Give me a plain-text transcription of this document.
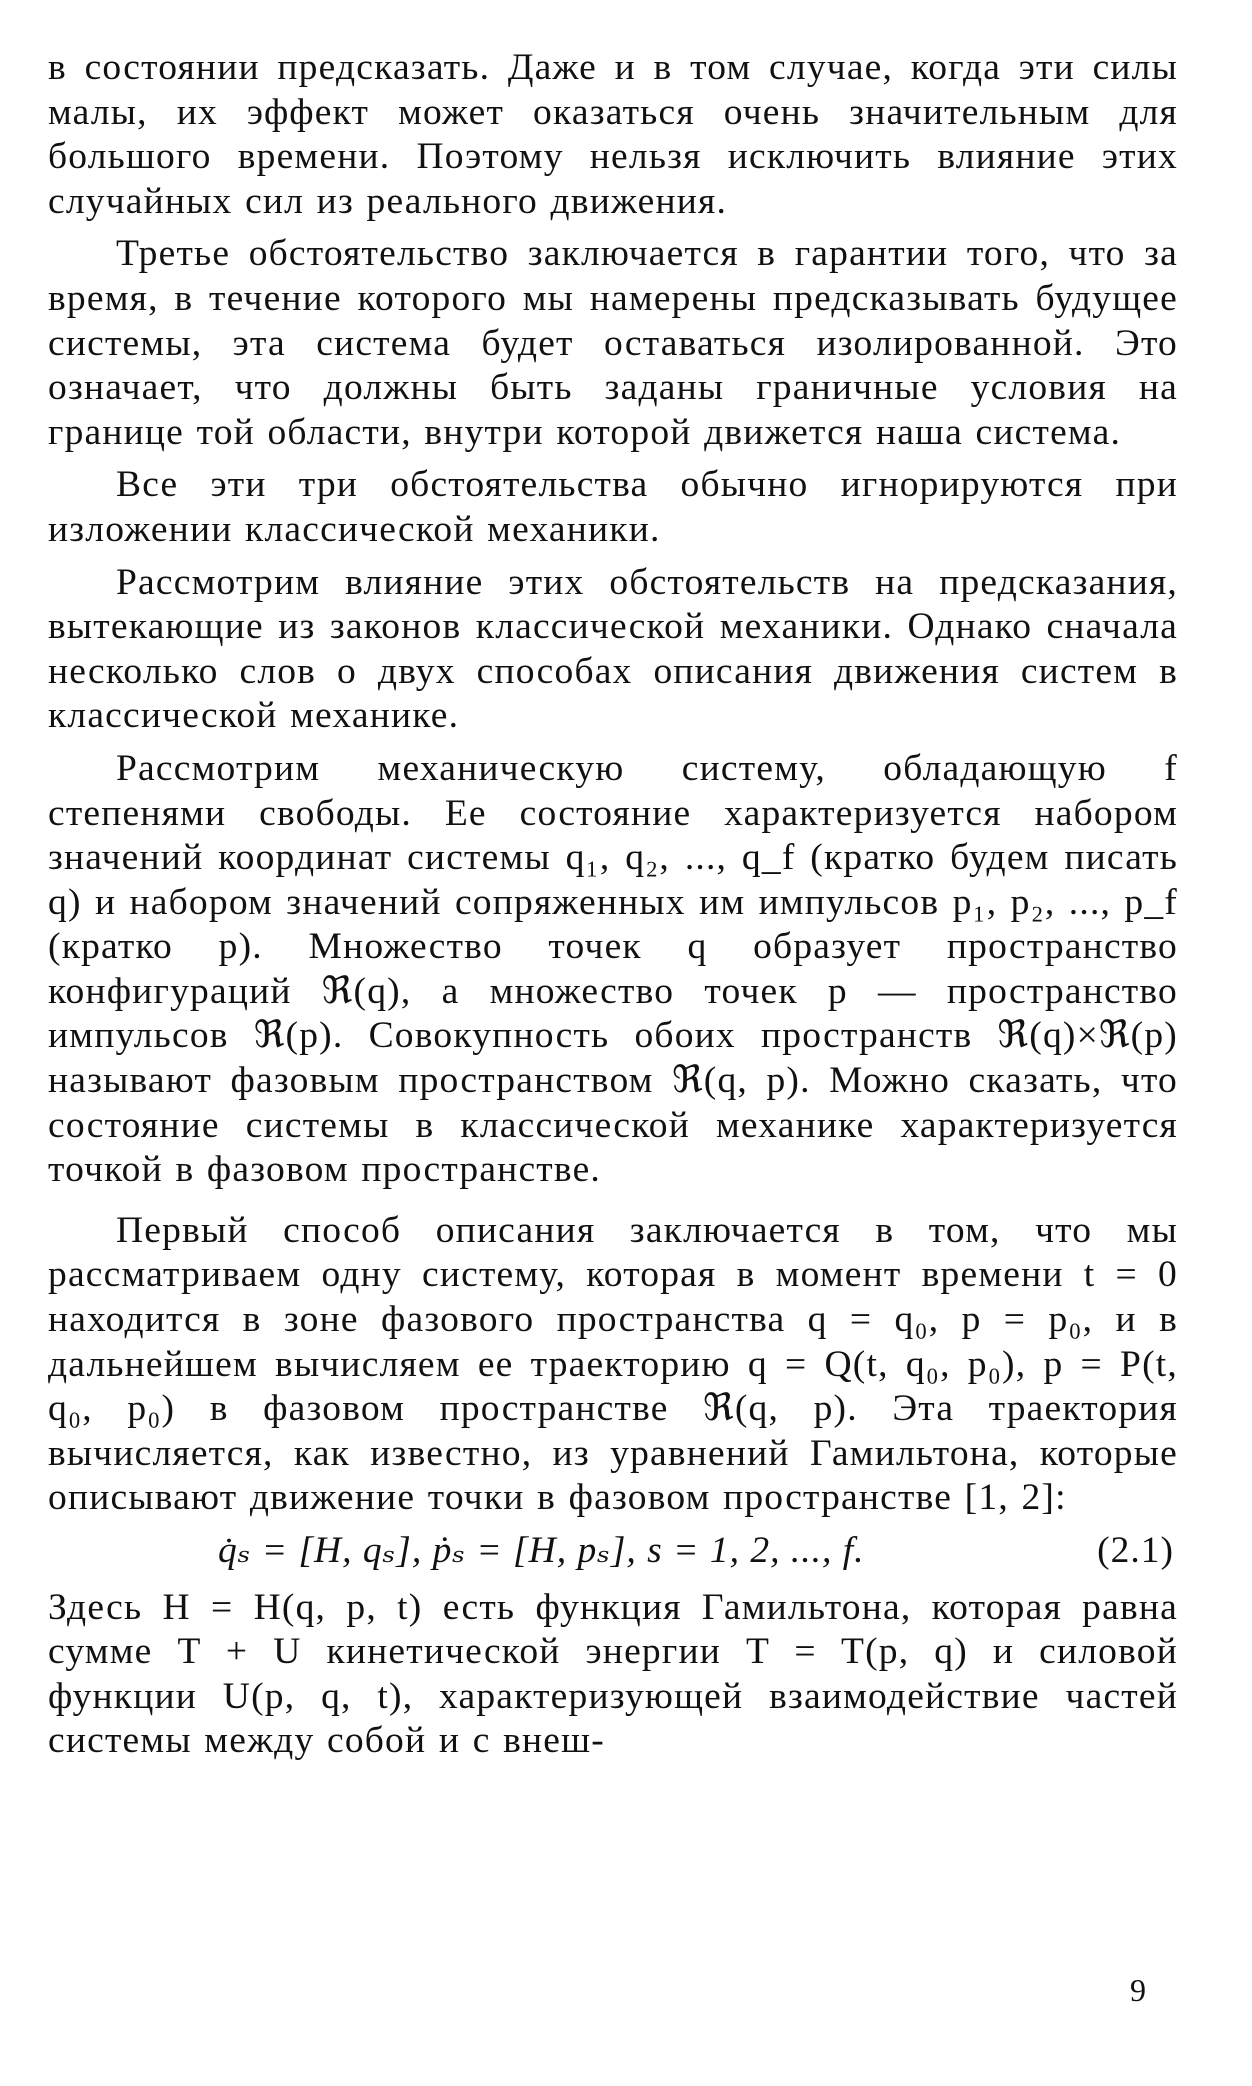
в состоянии предсказать. Даже и в том случае, когда эти силы малы, их эффект может оказаться очень значительным для большого времени. Поэтому нельзя исключить влияние этих случайных сил из реального движения.

Третье обстоятельство заключается в гарантии того, что за время, в течение которого мы намерены предсказывать будущее системы, эта система будет оставаться изолированной. Это означает, что должны быть заданы граничные условия на границе той области, внутри которой движется наша система.

Все эти три обстоятельства обычно игнорируются при изложении классической механики.

Рассмотрим влияние этих обстоятельств на предсказания, вытекающие из законов классической механики. Однако сначала несколько слов о двух способах описания движения систем в классической механике.

Рассмотрим механическую систему, обладающую f степенями свободы. Ее состояние характеризуется набором значений координат системы q₁, q₂, ..., q_f (кратко будем писать q) и набором значений сопряженных им импульсов p₁, p₂, ..., p_f (кратко p). Множество точек q образует пространство конфигураций ℜ(q), а множество точек p — пространство импульсов ℜ(p). Совокупность обоих пространств ℜ(q)×ℜ(p) называют фазовым пространством ℜ(q, p). Можно сказать, что состояние системы в классической механике характеризуется точкой в фазовом пространстве.

Первый способ описания заключается в том, что мы рассматриваем одну систему, которая в момент времени t = 0 находится в зоне фазового пространства q = q₀, p = p₀, и в дальнейшем вычисляем ее траекторию q = Q(t, q₀, p₀), p = P(t, q₀, p₀) в фазовом пространстве ℜ(q, p). Эта траектория вычисляется, как известно, из уравнений Гамильтона, которые описывают движение точки в фазовом пространстве [1, 2]:

q̇ₛ = [H, qₛ], ṗₛ = [H, pₛ], s = 1, 2, ..., f.	(2.1)

Здесь H = H(q, p, t) есть функция Гамильтона, которая равна сумме T + U кинетической энергии T = T(p, q) и силовой функции U(p, q, t), характеризующей взаимодействие частей системы между собой и с внеш-

9
